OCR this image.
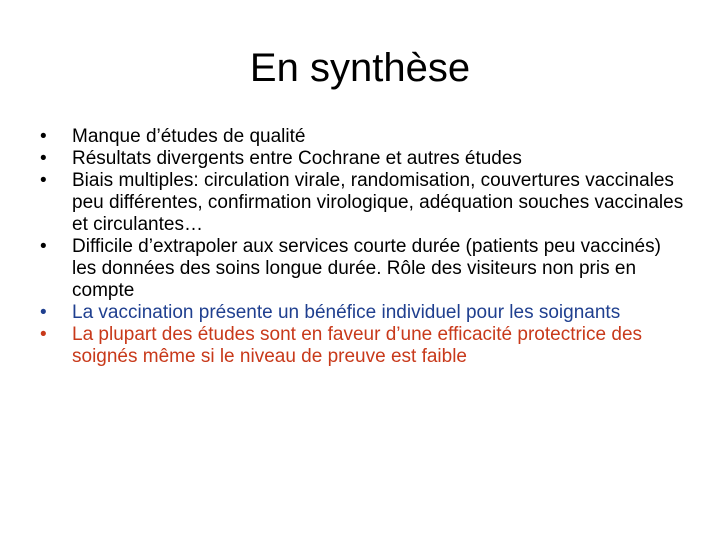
En synthèse
•	Manque d’études de qualité
•	Résultats divergents entre Cochrane et autres études
•	Biais multiples: circulation virale, randomisation, couvertures vaccinales peu différentes, confirmation virologique, adéquation souches vaccinales et circulantes…
•	Difficile d’extrapoler aux services courte durée (patients peu vaccinés) les données des soins longue durée. Rôle des visiteurs non pris en compte
•	La vaccination présente un bénéfice individuel pour les soignants
•	La plupart des études sont en faveur d’une efficacité protectrice des soignés même si le niveau de preuve est faible
